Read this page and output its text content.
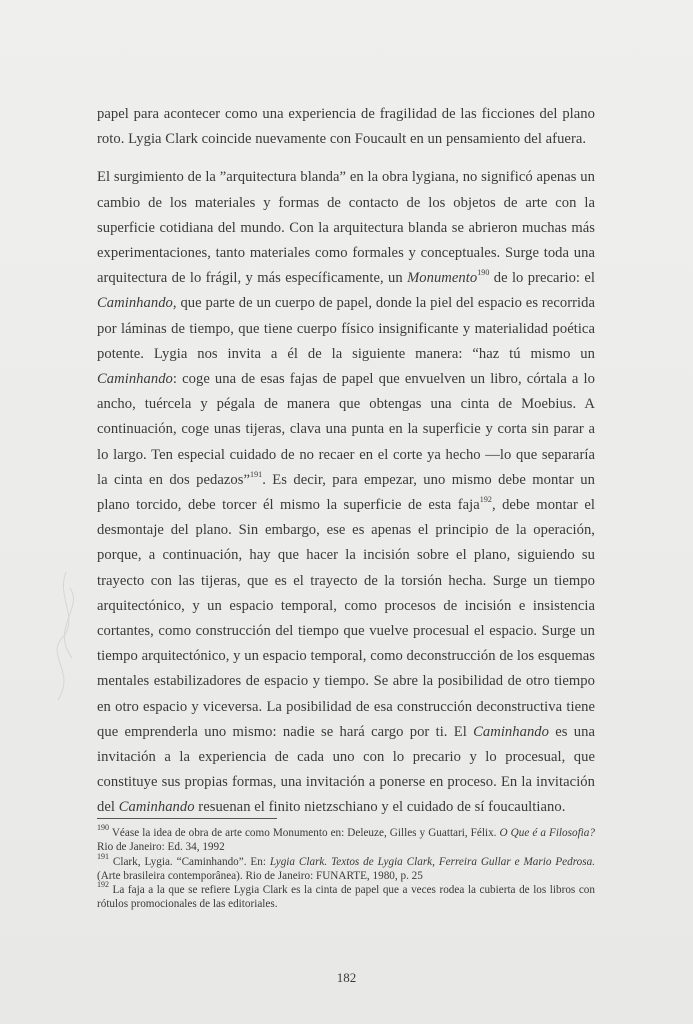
papel para acontecer como una experiencia de fragilidad de las ficciones del plano roto. Lygia Clark coincide nuevamente con Foucault en un pensamiento del afuera.

El surgimiento de la ”arquitectura blanda” en la obra lygiana, no significó apenas un cambio de los materiales y formas de contacto de los objetos de arte con la superficie cotidiana del mundo. Con la arquitectura blanda se abrieron muchas más experimentaciones, tanto materiales como formales y conceptuales. Surge toda una arquitectura de lo frágil, y más específicamente, un Monumento$^{190}$ de lo precario: el Caminhando, que parte de un cuerpo de papel, donde la piel del espacio es recorrida por láminas de tiempo, que tiene cuerpo físico insignificante y materialidad poética potente. Lygia nos invita a él de la siguiente manera: “haz tú mismo un Caminhando: coge una de esas fajas de papel que envuelven un libro, córtala a lo ancho, tuércela y pégala de manera que obtengas una cinta de Moebius. A continuación, coge unas tijeras, clava una punta en la superficie y corta sin parar a lo largo. Ten especial cuidado de no recaer en el corte ya hecho —lo que separaría la cinta en dos pedazos”$^{191}$. Es decir, para empezar, uno mismo debe montar un plano torcido, debe torcer él mismo la superficie de esta faja$^{192}$, debe montar el desmontaje del plano. Sin embargo, ese es apenas el principio de la operación, porque, a continuación, hay que hacer la incisión sobre el plano, siguiendo su trayecto con las tijeras, que es el trayecto de la torsión hecha. Surge un tiempo arquitectónico, y un espacio temporal, como procesos de incisión e insistencia cortantes, como construcción del tiempo que vuelve procesual el espacio. Surge un tiempo arquitectónico, y un espacio temporal, como deconstrucción de los esquemas mentales estabilizadores de espacio y tiempo. Se abre la posibilidad de otro tiempo en otro espacio y viceversa. La posibilidad de esa construcción deconstructiva tiene que emprenderla uno mismo: nadie se hará cargo por ti. El Caminhando es una invitación a la experiencia de cada uno con lo precario y lo procesual, que constituye sus propias formas, una invitación a ponerse en proceso. En la invitación del Caminhando resuenan el finito nietzschiano y el cuidado de sí foucaultiano.

$^{190}$ Véase la idea de obra de arte como Monumento en: Deleuze, Gilles y Guattari, Félix. O Que é a Filosofia? Rio de Janeiro: Ed. 34, 1992

$^{191}$ Clark, Lygia. “Caminhando”. En: Lygia Clark. Textos de Lygia Clark, Ferreira Gullar e Mario Pedrosa. (Arte brasileira contemporânea). Rio de Janeiro: FUNARTE, 1980, p. 25

$^{192}$ La faja a la que se refiere Lygia Clark es la cinta de papel que a veces rodea la cubierta de los libros con rótulos promocionales de las editoriales.

182
